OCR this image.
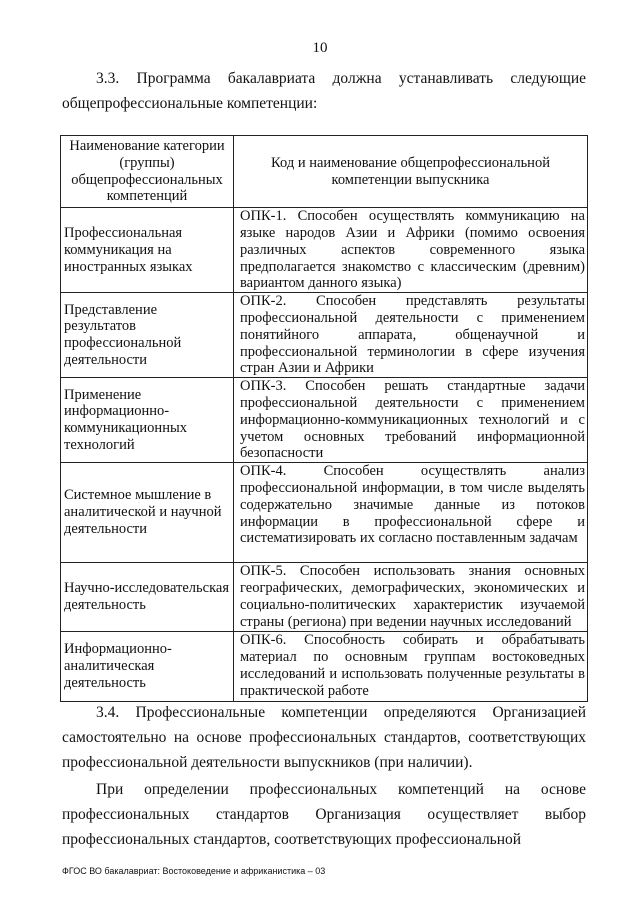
10
3.3. Программа бакалавриата должна устанавливать следующие общепрофессиональные компетенции:
Наименование категории (группы) общепрофессиональных компетенций	Код и наименование общепрофессиональной компетенции выпускника
Профессиональная коммуникация на иностранных языках	ОПК-1. Способен осуществлять коммуникацию на языке народов Азии и Африки (помимо освоения различных аспектов современного языка предполагается знакомство с классическим (древним) вариантом данного языка)
Представление результатов профессиональной деятельности	ОПК-2. Способен представлять результаты профессиональной деятельности с применением понятийного аппарата, общенаучной и профессиональной терминологии в сфере изучения стран Азии и Африки
Применение информационно-коммуникационных технологий	ОПК-3. Способен решать стандартные задачи профессиональной деятельности с применением информационно-коммуникационных технологий и с учетом основных требований информационной безопасности
Системное мышление в аналитической и научной деятельности	ОПК-4. Способен осуществлять анализ профессиональной информации, в том числе выделять содержательно значимые данные из потоков информации в профессиональной сфере и систематизировать их согласно поставленным задачам
Научно-исследовательская деятельность	ОПК-5. Способен использовать знания основных географических, демографических, экономических и социально-политических характеристик изучаемой страны (региона) при ведении научных исследований
Информационно-аналитическая деятельность	ОПК-6. Способность собирать и обрабатывать материал по основным группам востоковедных исследований и использовать полученные результаты в практической работе
3.4. Профессиональные компетенции определяются Организацией самостоятельно на основе профессиональных стандартов, соответствующих профессиональной деятельности выпускников (при наличии).
При определении профессиональных компетенций на основе профессиональных стандартов Организация осуществляет выбор профессиональных стандартов, соответствующих профессиональной
ФГОС ВО бакалавриат: Востоковедение и африканистика – 03
